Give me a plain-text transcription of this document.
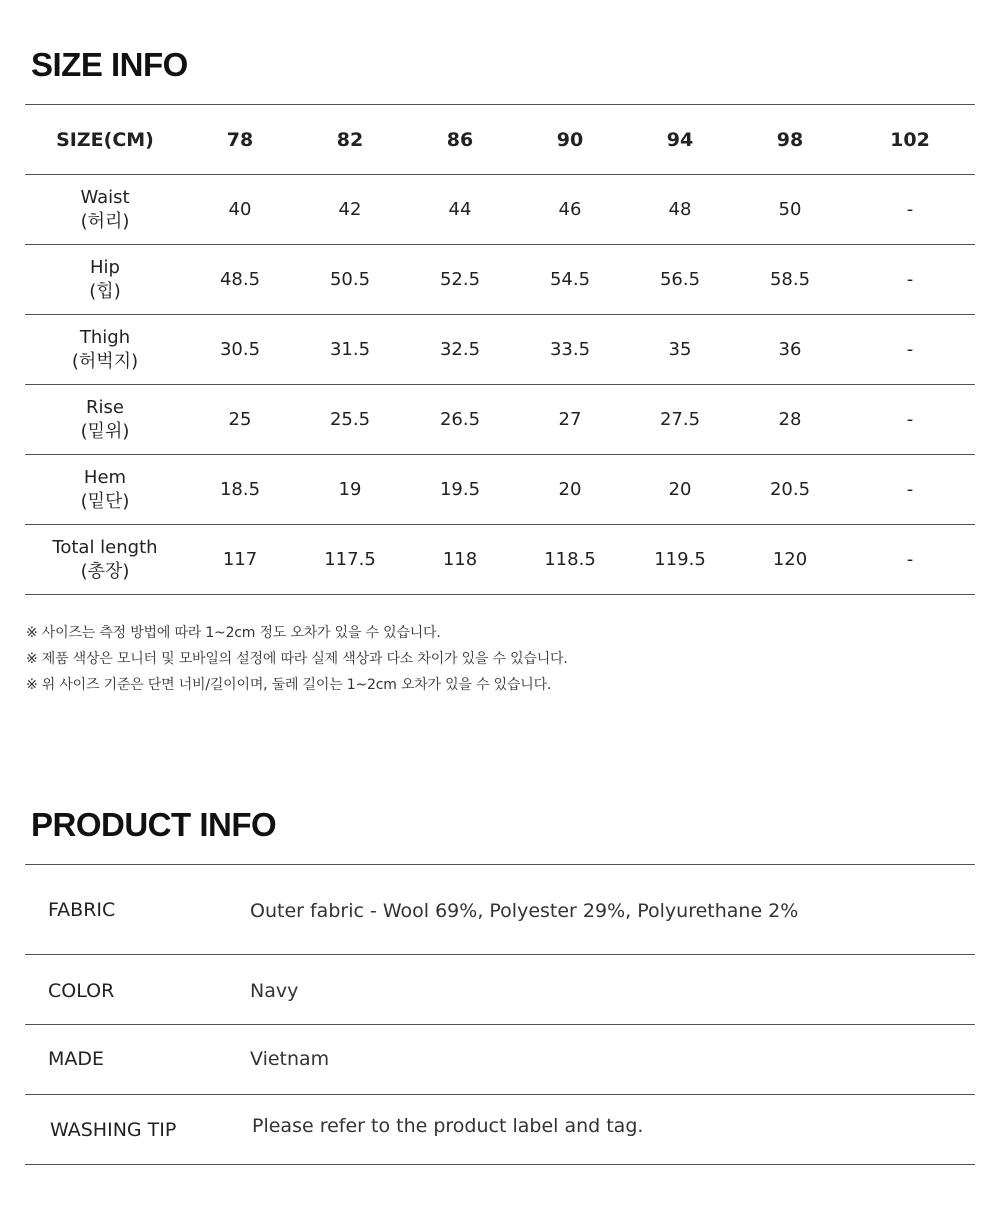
SIZE INFO
SIZE(CM)	78	82	86	90	94	98	102

Waist
(허리)	40	42	44	46	48	50	-

Hip
(힙)	48.5	50.5	52.5	54.5	56.5	58.5	-

Thigh
(허벅지)	30.5	31.5	32.5	33.5	35	36	-

Rise
(밑위)	25	25.5	26.5	27	27.5	28	-

Hem
(밑단)	18.5	19	19.5	20	20	20.5	-

Total length
(총장)	117	117.5	118	118.5	119.5	120	-
※ 사이즈는 측정 방법에 따라 1~2cm 정도 오차가 있을 수 있습니다.
※ 제품 색상은 모니터 및 모바일의 설정에 따라 실제 색상과 다소 차이가 있을 수 있습니다.
※ 위 사이즈 기준은 단면 너비/길이이며, 둘레 길이는 1~2cm 오차가 있을 수 있습니다.
PRODUCT INFO
FABRIC	Outer fabric - Wool 69%, Polyester 29%, Polyurethane 2%
COLOR	Navy
MADE	Vietnam
WASHING TIP	Please refer to the product label and tag.
